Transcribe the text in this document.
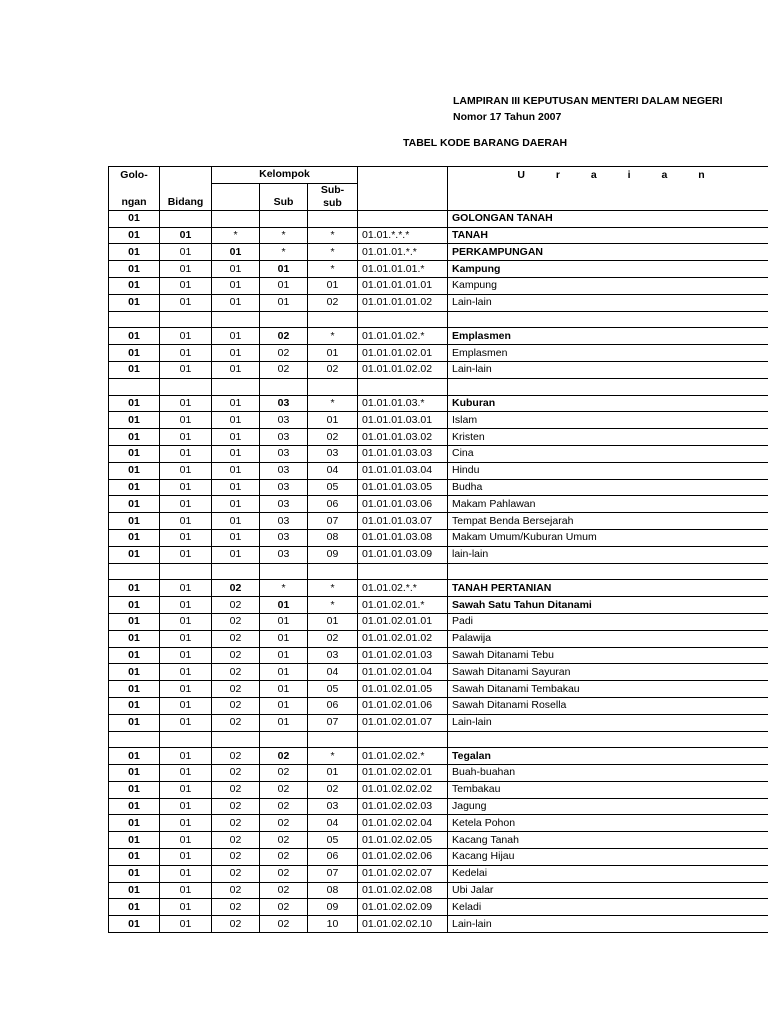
LAMPIRAN III KEPUTUSAN MENTERI DALAM NEGERI
Nomor 17 Tahun 2007
TABEL KODE BARANG DAERAH
Golo-		Kelompok				U r a i a n
ngan	Bidang		Sub	Sub-
sub		

01						GOLONGAN TANAH
01	01	*	*	*	01.01.*.*.*	TANAH
01	01	01	*	*	01.01.01.*.*	PERKAMPUNGAN
01	01	01	01	*	01.01.01.01.*	Kampung
01	01	01	01	01	01.01.01.01.01	Kampung
01	01	01	01	02	01.01.01.01.02	Lain-lain

01	01	01	02	*	01.01.01.02.*	Emplasmen
01	01	01	02	01	01.01.01.02.01	Emplasmen
01	01	01	02	02	01.01.01.02.02	Lain-lain

01	01	01	03	*	01.01.01.03.*	Kuburan
01	01	01	03	01	01.01.01.03.01	Islam
01	01	01	03	02	01.01.01.03.02	Kristen
01	01	01	03	03	01.01.01.03.03	Cina
01	01	01	03	04	01.01.01.03.04	Hindu
01	01	01	03	05	01.01.01.03.05	Budha
01	01	01	03	06	01.01.01.03.06	Makam Pahlawan
01	01	01	03	07	01.01.01.03.07	Tempat Benda Bersejarah
01	01	01	03	08	01.01.01.03.08	Makam Umum/Kuburan Umum
01	01	01	03	09	01.01.01.03.09	lain-lain

01	01	02	*	*	01.01.02.*.*	TANAH PERTANIAN
01	01	02	01	*	01.01.02.01.*	Sawah Satu Tahun Ditanami
01	01	02	01	01	01.01.02.01.01	Padi
01	01	02	01	02	01.01.02.01.02	Palawija
01	01	02	01	03	01.01.02.01.03	Sawah Ditanami Tebu
01	01	02	01	04	01.01.02.01.04	Sawah Ditanami Sayuran
01	01	02	01	05	01.01.02.01.05	Sawah Ditanami Tembakau
01	01	02	01	06	01.01.02.01.06	Sawah Ditanami Rosella
01	01	02	01	07	01.01.02.01.07	Lain-lain

01	01	02	02	*	01.01.02.02.*	Tegalan
01	01	02	02	01	01.01.02.02.01	Buah-buahan
01	01	02	02	02	01.01.02.02.02	Tembakau
01	01	02	02	03	01.01.02.02.03	Jagung
01	01	02	02	04	01.01.02.02.04	Ketela Pohon
01	01	02	02	05	01.01.02.02.05	Kacang Tanah
01	01	02	02	06	01.01.02.02.06	Kacang Hijau
01	01	02	02	07	01.01.02.02.07	Kedelai
01	01	02	02	08	01.01.02.02.08	Ubi Jalar
01	01	02	02	09	01.01.02.02.09	Keladi
01	01	02	02	10	01.01.02.02.10	Lain-lain
